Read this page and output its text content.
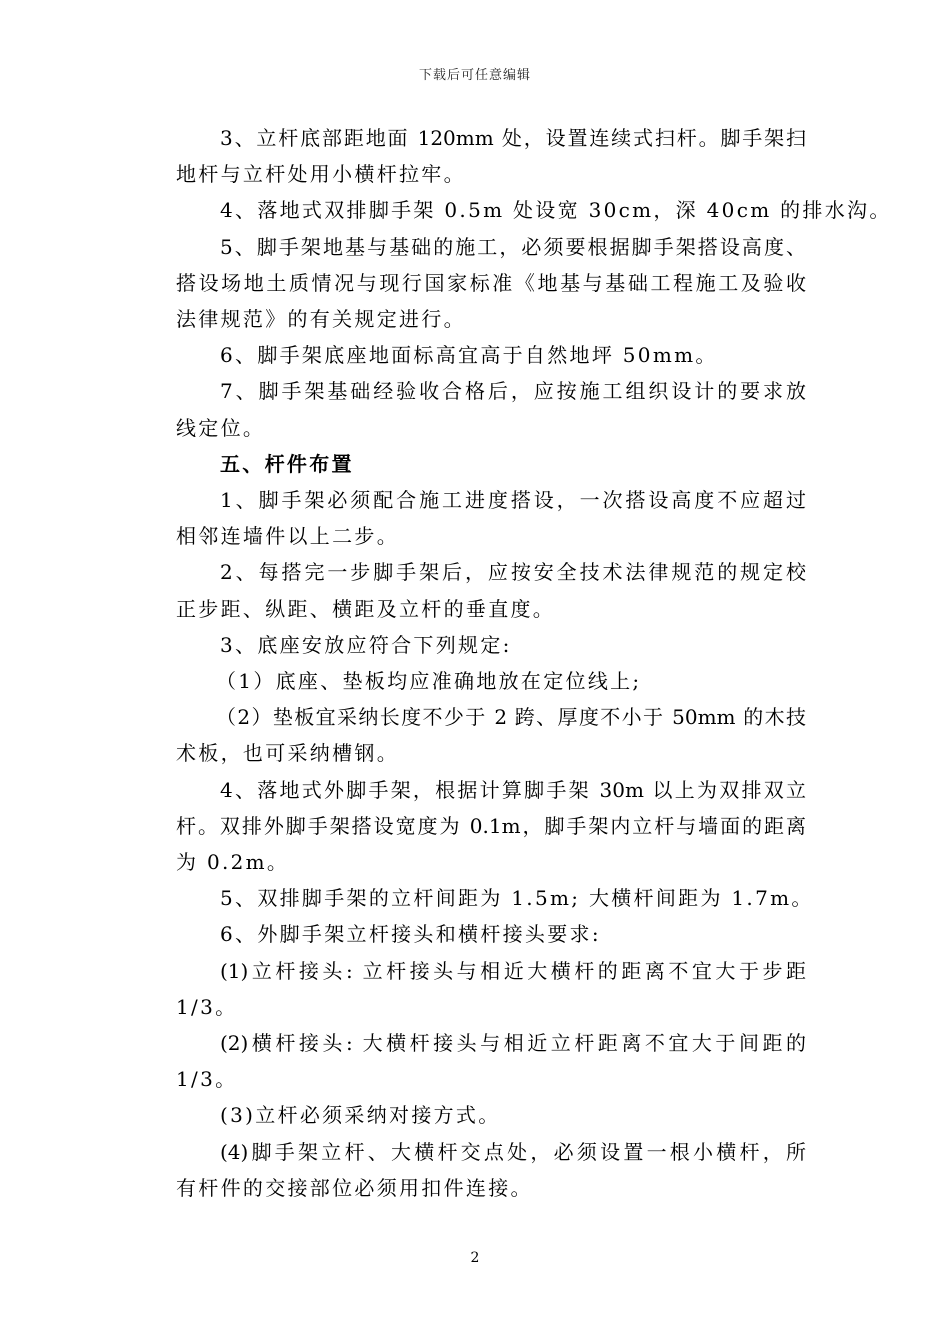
下载后可任意编辑
3、立杆底部距地面 120mm 处，设置连续式扫杆。脚手架扫
地杆与立杆处用小横杆拉牢。
4、落地式双排脚手架 0.5m 处设宽 30cm，深 40cm 的排水沟。
5、脚手架地基与基础的施工，必须要根据脚手架搭设高度、
搭设场地土质情况与现行国家标准《地基与基础工程施工及验收
法律规范》的有关规定进行。
6、脚手架底座地面标高宜高于自然地坪 50mm。
7、脚手架基础经验收合格后，应按施工组织设计的要求放
线定位。
五、杆件布置
1、脚手架必须配合施工进度搭设，一次搭设高度不应超过
相邻连墙件以上二步。
2、每搭完一步脚手架后，应按安全技术法律规范的规定校
正步距、纵距、横距及立杆的垂直度。
3、底座安放应符合下列规定:
（1）底座、垫板均应准确地放在定位线上;
（2）垫板宜采纳长度不少于 2 跨、厚度不小于 50mm 的木技
术板，也可采纳槽钢。
4、落地式外脚手架，根据计算脚手架 30m 以上为双排双立
杆。双排外脚手架搭设宽度为 0.1m，脚手架内立杆与墙面的距离
为 0.2m。
5、双排脚手架的立杆间距为 1.5m; 大横杆间距为 1.7m。
6、外脚手架立杆接头和横杆接头要求:
(1)立杆接头: 立杆接头与相近大横杆的距离不宜大于步距
1/3。
(2)横杆接头: 大横杆接头与相近立杆距离不宜大于间距的
1/3。
(3)立杆必须采纳对接方式。
(4)脚手架立杆、大横杆交点处，必须设置一根小横杆，所
有杆件的交接部位必须用扣件连接。
2
